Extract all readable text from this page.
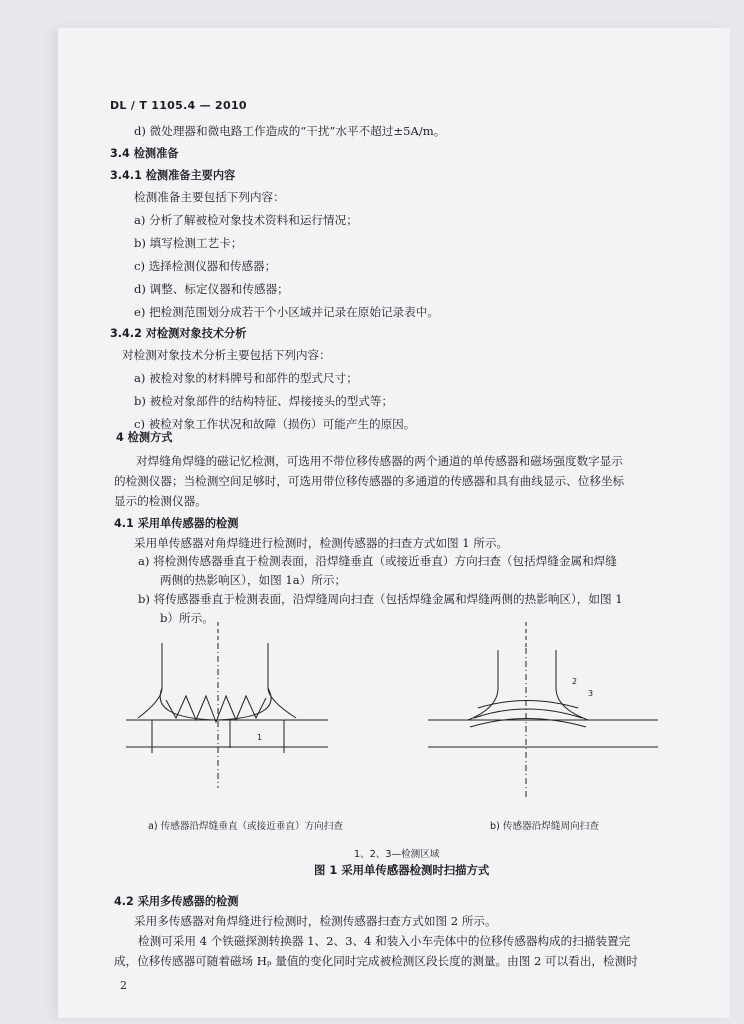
DL / T 1105.4 — 2010
d) 微处理器和微电路工作造成的“干扰”水平不超过±5A/m。
3.4 检测准备
3.4.1 检测准备主要内容
检测准备主要包括下列内容：
a) 分析了解被检对象技术资料和运行情况；
b) 填写检测工艺卡；
c) 选择检测仪器和传感器；
d) 调整、标定仪器和传感器；
e) 把检测范围划分成若干个小区域并记录在原始记录表中。
3.4.2 对检测对象技术分析
对检测对象技术分析主要包括下列内容：
a) 被检对象的材料牌号和部件的型式尺寸；
b) 被检对象部件的结构特征、焊接接头的型式等；
c) 被检对象工作状况和故障（损伤）可能产生的原因。
4 检测方式
对焊缝角焊缝的磁记忆检测，可选用不带位移传感器的两个通道的单传感器和磁场强度数字显示
的检测仪器；当检测空间足够时，可选用带位移传感器的多通道的传感器和具有曲线显示、位移坐标
显示的检测仪器。
4.1 采用单传感器的检测
采用单传感器对角焊缝进行检测时，检测传感器的扫查方式如图 1 所示。
a) 将检测传感器垂直于检测表面，沿焊缝垂直（或接近垂直）方向扫查（包括焊缝金属和焊缝
两侧的热影响区），如图 1a）所示；
b) 将传感器垂直于检测表面，沿焊缝周向扫查（包括焊缝金属和焊缝两侧的热影响区），如图 1
b）所示。
1
2
3
a) 传感器沿焊缝垂直（或接近垂直）方向扫查	b) 传感器沿焊缝周向扫查
1、2、3—检测区域
图 1 采用单传感器检测时扫描方式
4.2 采用多传感器的检测
采用多传感器对角焊缝进行检测时，检测传感器扫查方式如图 2 所示。
检测可采用 4 个铁磁探测转换器 1、2、3、4 和装入小车壳体中的位移传感器构成的扫描装置完
成，位移传感器可随着磁场 Hₚ 量值的变化同时完成被检测区段长度的测量。由图 2 可以看出，检测时
2
